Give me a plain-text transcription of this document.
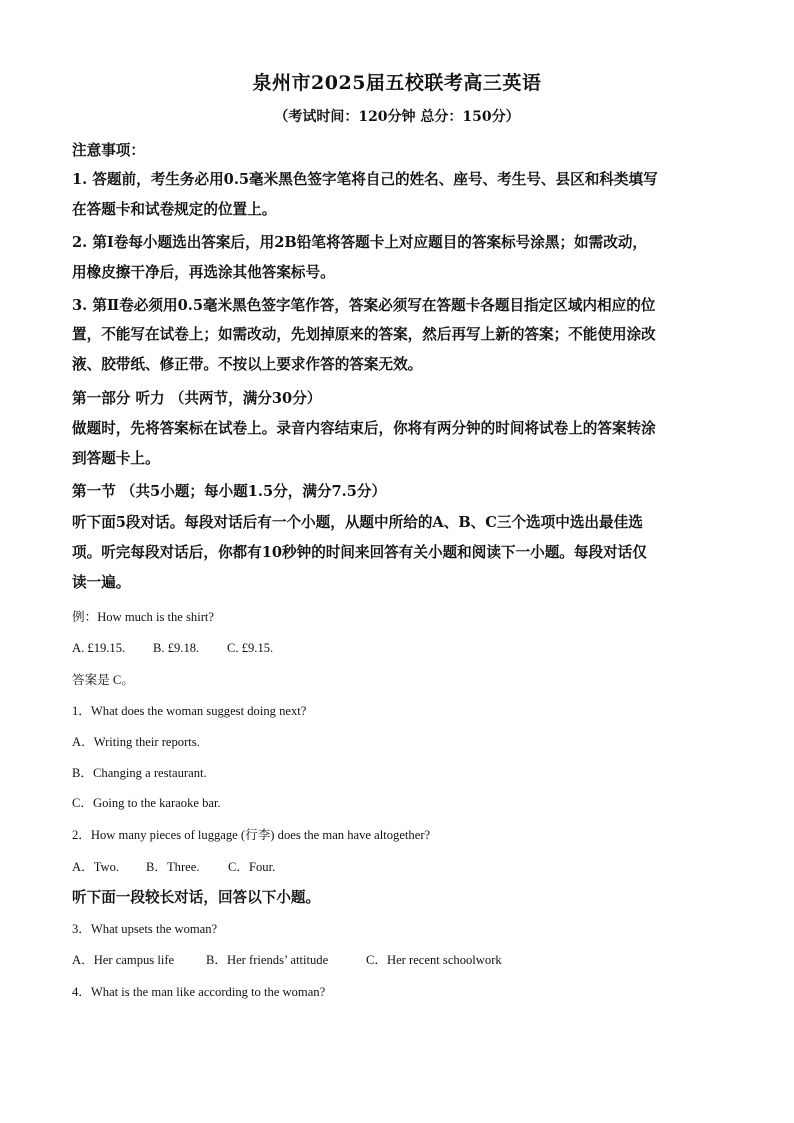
泉州市2025届五校联考高三英语
（考试时间：120分钟 总分：150分）
注意事项：
1. 答题前，考生务必用0.5毫米黑色签字笔将自己的姓名、座号、考生号、县区和科类填写
在答题卡和试卷规定的位置上。
2. 第Ⅰ卷每小题选出答案后，用2B铅笔将答题卡上对应题目的答案标号涂黑；如需改动，
用橡皮擦干净后，再选涂其他答案标号。
3. 第Ⅱ卷必须用0.5毫米黑色签字笔作答，答案必须写在答题卡各题目指定区域内相应的位
置，不能写在试卷上；如需改动，先划掉原来的答案，然后再写上新的答案；不能使用涂改
液、胶带纸、修正带。不按以上要求作答的答案无效。
第一部分 听力 （共两节，满分30分）
做题时，先将答案标在试卷上。录音内容结束后，你将有两分钟的时间将试卷上的答案转涂
到答题卡上。
第一节 （共5小题；每小题1.5分，满分7.5分）
听下面5段对话。每段对话后有一个小题，从题中所给的A、B、C三个选项中选出最佳选
项。听完每段对话后，你都有10秒钟的时间来回答有关小题和阅读下一小题。每段对话仅
读一遍。
例：How much is the shirt?
A. £19.15. B. £9.18. C. £9.15.
答案是 C。
1．What does the woman suggest doing next?
A．Writing their reports.
B．Changing a restaurant.
C．Going to the karaoke bar.
2．How many pieces of luggage (行李) does the man have altogether?
A．Two. B．Three. C．Four.
听下面一段较长对话，回答以下小题。
3．What upsets the woman?
A．Her campus life	B．Her friends’ attitude	C．Her recent schoolwork
4．What is the man like according to the woman?
